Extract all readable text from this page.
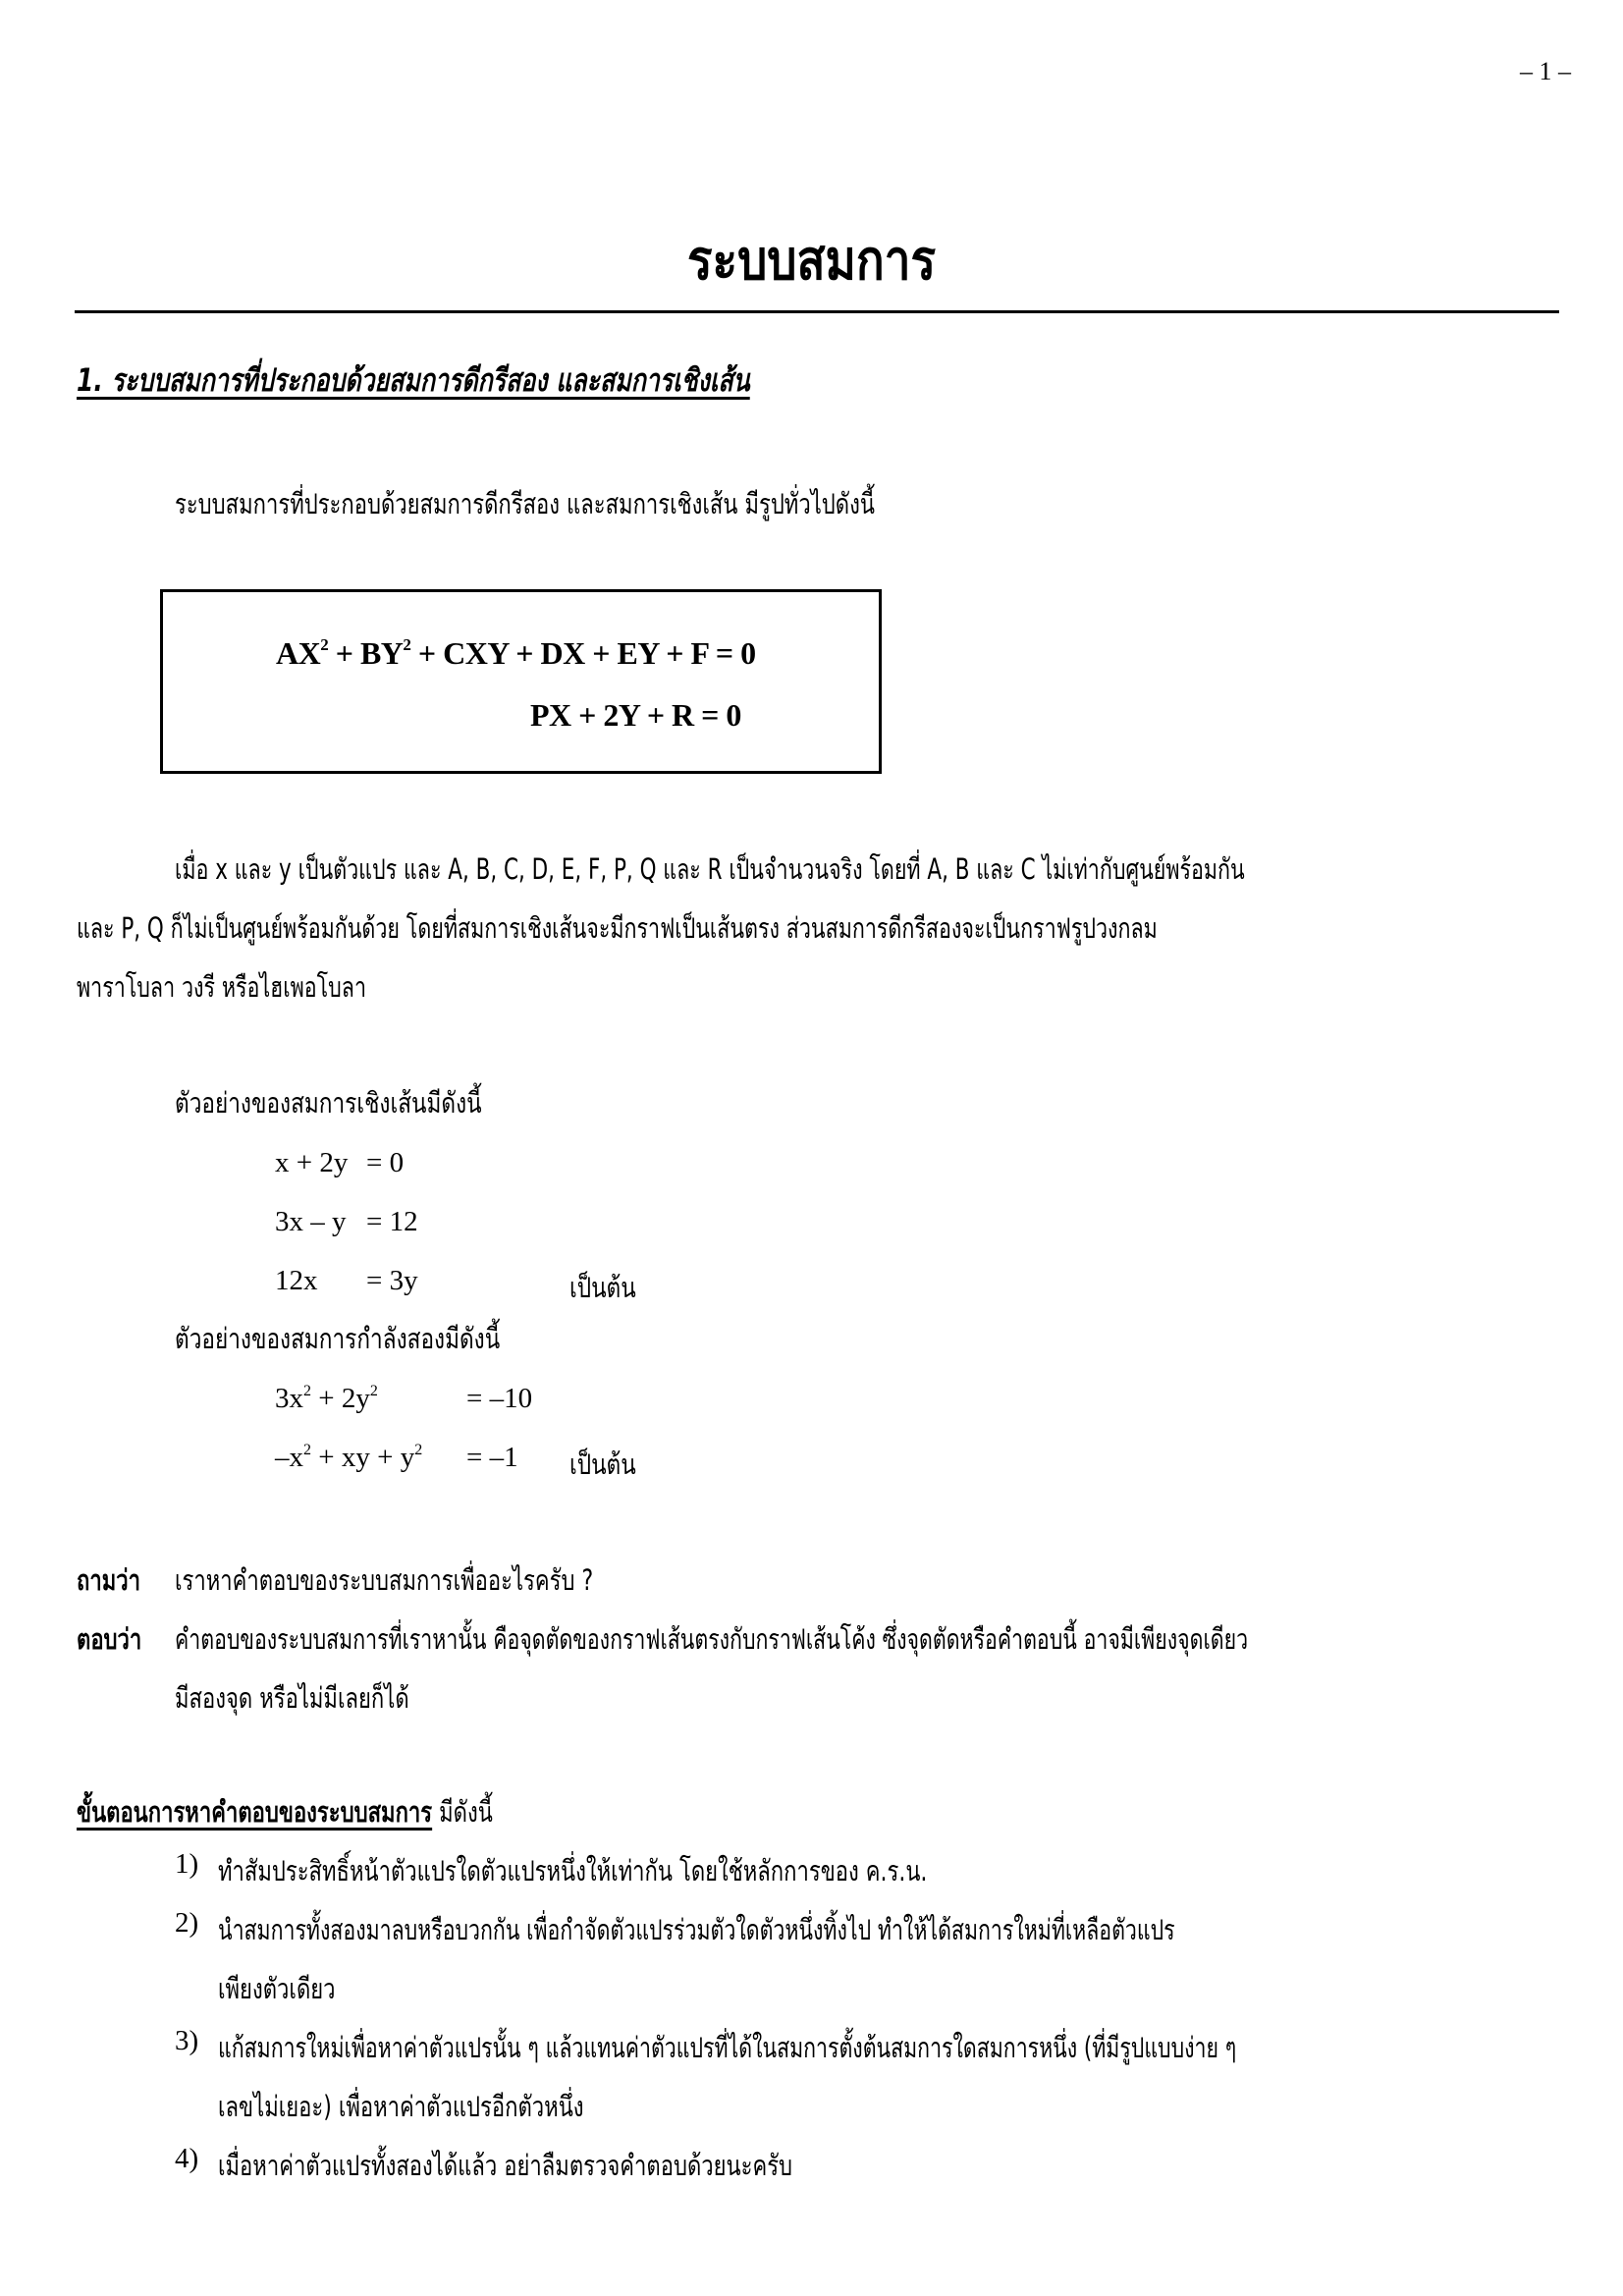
– 1 –
ระบบสมการ
1. ระบบสมการที่ประกอบด้วยสมการดีกรีสอง และสมการเชิงเส้น

ระบบสมการที่ประกอบด้วยสมการดีกรีสอง และสมการเชิงเส้น มีรูปทั่วไปดังนี้

$AX^2 + BY^2$ + CXY + DX + EY + F = 0
PX + 2Y + R = 0

เมื่อ x และ y เป็นตัวแปร และ A, B, C, D, E, F, P, Q และ R เป็นจำนวนจริง โดยที่ A, B และ C ไม่เท่ากับศูนย์พร้อมกัน

และ P, Q ก็ไม่เป็นศูนย์พร้อมกันด้วย โดยที่สมการเชิงเส้นจะมีกราฟเป็นเส้นตรง ส่วนสมการดีกรีสองจะเป็นกราฟรูปวงกลม

พาราโบลา วงรี หรือไฮเพอโบลา

ตัวอย่างของสมการเชิงเส้นมีดังนี้

x + 2y = 0
3x – y = 12
12x = 3y	เป็นต้น

ตัวอย่างของสมการกำลังสองมีดังนี้

$3x^2 + 2y^2$	= –10
$-x^2$ + xy + $y^2 = -1$ เป็นต้น
ถามว่า เราหาคำตอบของระบบสมการเพื่ออะไรครับ ?
ตอบว่า คำตอบของระบบสมการที่เราหานั้น คือจุดตัดของกราฟเส้นตรงกับกราฟเส้นโค้ง ซึ่งจุดตัดหรือคำตอบนี้ อาจมีเพียงจุดเดียว
มีสองจุด หรือไม่มีเลยก็ได้

ขั้นตอนการหาคำตอบของระบบสมการ มีดังนี้

1) ทำสัมประสิทธิ์หน้าตัวแปรใดตัวแปรหนึ่งให้เท่ากัน โดยใช้หลักการของ ค.ร.น.
2) นำสมการทั้งสองมาลบหรือบวกกัน เพื่อกำจัดตัวแปรร่วมตัวใดตัวหนึ่งทิ้งไป ทำให้ได้สมการใหม่ที่เหลือตัวแปร
เพียงตัวเดียว
3) แก้สมการใหม่เพื่อหาค่าตัวแปรนั้น ๆ แล้วแทนค่าตัวแปรที่ได้ในสมการตั้งต้นสมการใดสมการหนึ่ง (ที่มีรูปแบบง่าย ๆ
เลขไม่เยอะ) เพื่อหาค่าตัวแปรอีกตัวหนึ่ง
4) เมื่อหาค่าตัวแปรทั้งสองได้แล้ว อย่าลืมตรวจคำตอบด้วยนะครับ
